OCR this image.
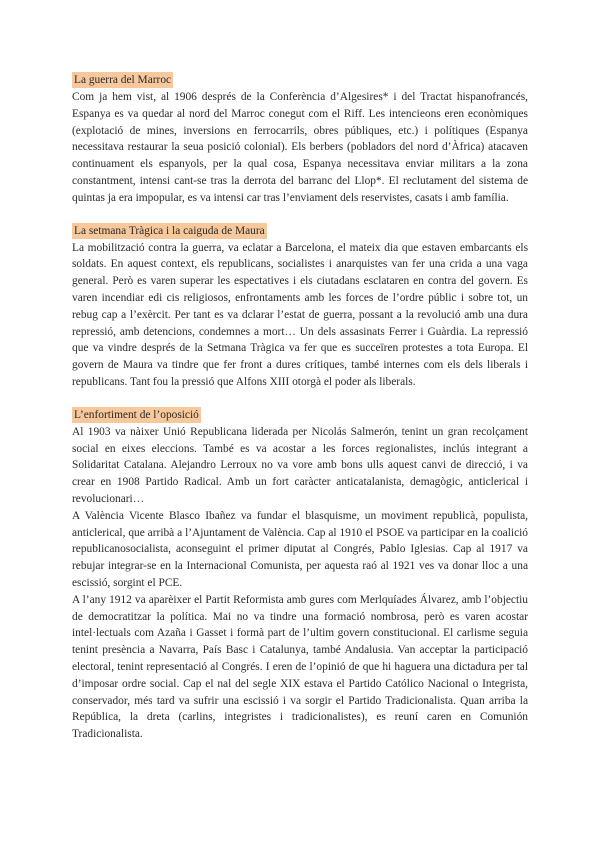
La guerra del Marroc

Com ja hem vist, al 1906 després de la Conferència d’Algesires* i del Tractat hispanofrancés, Espanya es va quedar al nord del Marroc conegut com el Riff. Les intencieons eren econòmiques (explotació de mines, inversions en ferrocarrils, obres públiques, etc.) i polítiques (Espanya necessitava restaurar la seua posició colonial). Els berbers (pobladors del nord d’Àfrica) atacaven continuament els espanyols, per la qual cosa, Espanya necessitava enviar militars a la zona constantment, intensi cant-se tras la derrota del barranc del Llop*. El reclutament del sistema de quintas ja era impopular, es va intensi car tras l’enviament dels reservistes, casats i amb família.

La setmana Tràgica i la caiguda de Maura

La mobilització contra la guerra, va eclatar a Barcelona, el mateix dia que estaven embarcants els soldats. En aquest context, els republicans, socialistes i anarquistes van fer una crida a una vaga general. Però es varen superar les espectatives i els ciutadans esclataren en contra del govern. Es varen incendiar edi cis religiosos, enfrontaments amb les forces de l’ordre públic i sobre tot, un rebug cap a l’exèrcit. Per tant es va dclarar l’estat de guerra, possant a la revolució amb una dura repressió, amb detencions, condemnes a mort… Un dels assasinats Ferrer i Guàrdia. La repressió que va vindre després de la Setmana Tràgica va fer que es succeïren protestes a tota Europa. El govern de Maura va tindre que fer front a dures crítiques, també internes com els dels liberals i republicans. Tant fou la pressió que Alfons XIII otorgà el poder als liberals.

L’enfortiment de l’oposició

Al 1903 va nàixer Unió Republicana liderada per Nicolás Salmerón, tenint un gran recolçament social en eixes eleccions. També es va acostar a les forces regionalistes, inclús integrant a Solidaritat Catalana. Alejandro Lerroux no va vore amb bons ulls aquest canvi de direcció, i va crear en 1908 Partido Radical. Amb un fort caràcter anticatalanista, demagògic, anticlerical i revolucionari…

A València Vicente Blasco Ibañez va fundar el blasquisme, un moviment republicà, populista, anticlerical, que arribà a l’Ajuntament de València. Cap al 1910 el PSOE va participar en la coalició republicanosocialista, aconseguint el primer diputat al Congrés, Pablo Iglesias. Cap al 1917 va rebujar integrar-se en la Internacional Comunista, per aquesta raó al 1921 ves va donar lloc a una escissió, sorgint el PCE.

A l’any 1912 va aparèixer el Partit Reformista amb gures com Merlquíades Álvarez, amb l’objectiu de democratitzar la política. Mai no va tindre una formació nombrosa, però es varen acostar intel·lectuals com Azaña i Gasset i formà part de l’ultim govern constitucional. El carlisme seguia tenint presència a Navarra, País Basc i Catalunya, també Andalusia. Van acceptar la participació electoral, tenint representació al Congrés. I eren de l’opinió de que hi haguera una dictadura per tal d’imposar ordre social. Cap el nal del segle XIX estava el Partido Católico Nacional o Integrista, conservador, més tard va sufrir una escissió i va sorgir el Partido Tradicionalista. Quan arriba la República, la dreta (carlins, integristes i tradicionalistes), es reuní caren en Comunión Tradicionalista.
